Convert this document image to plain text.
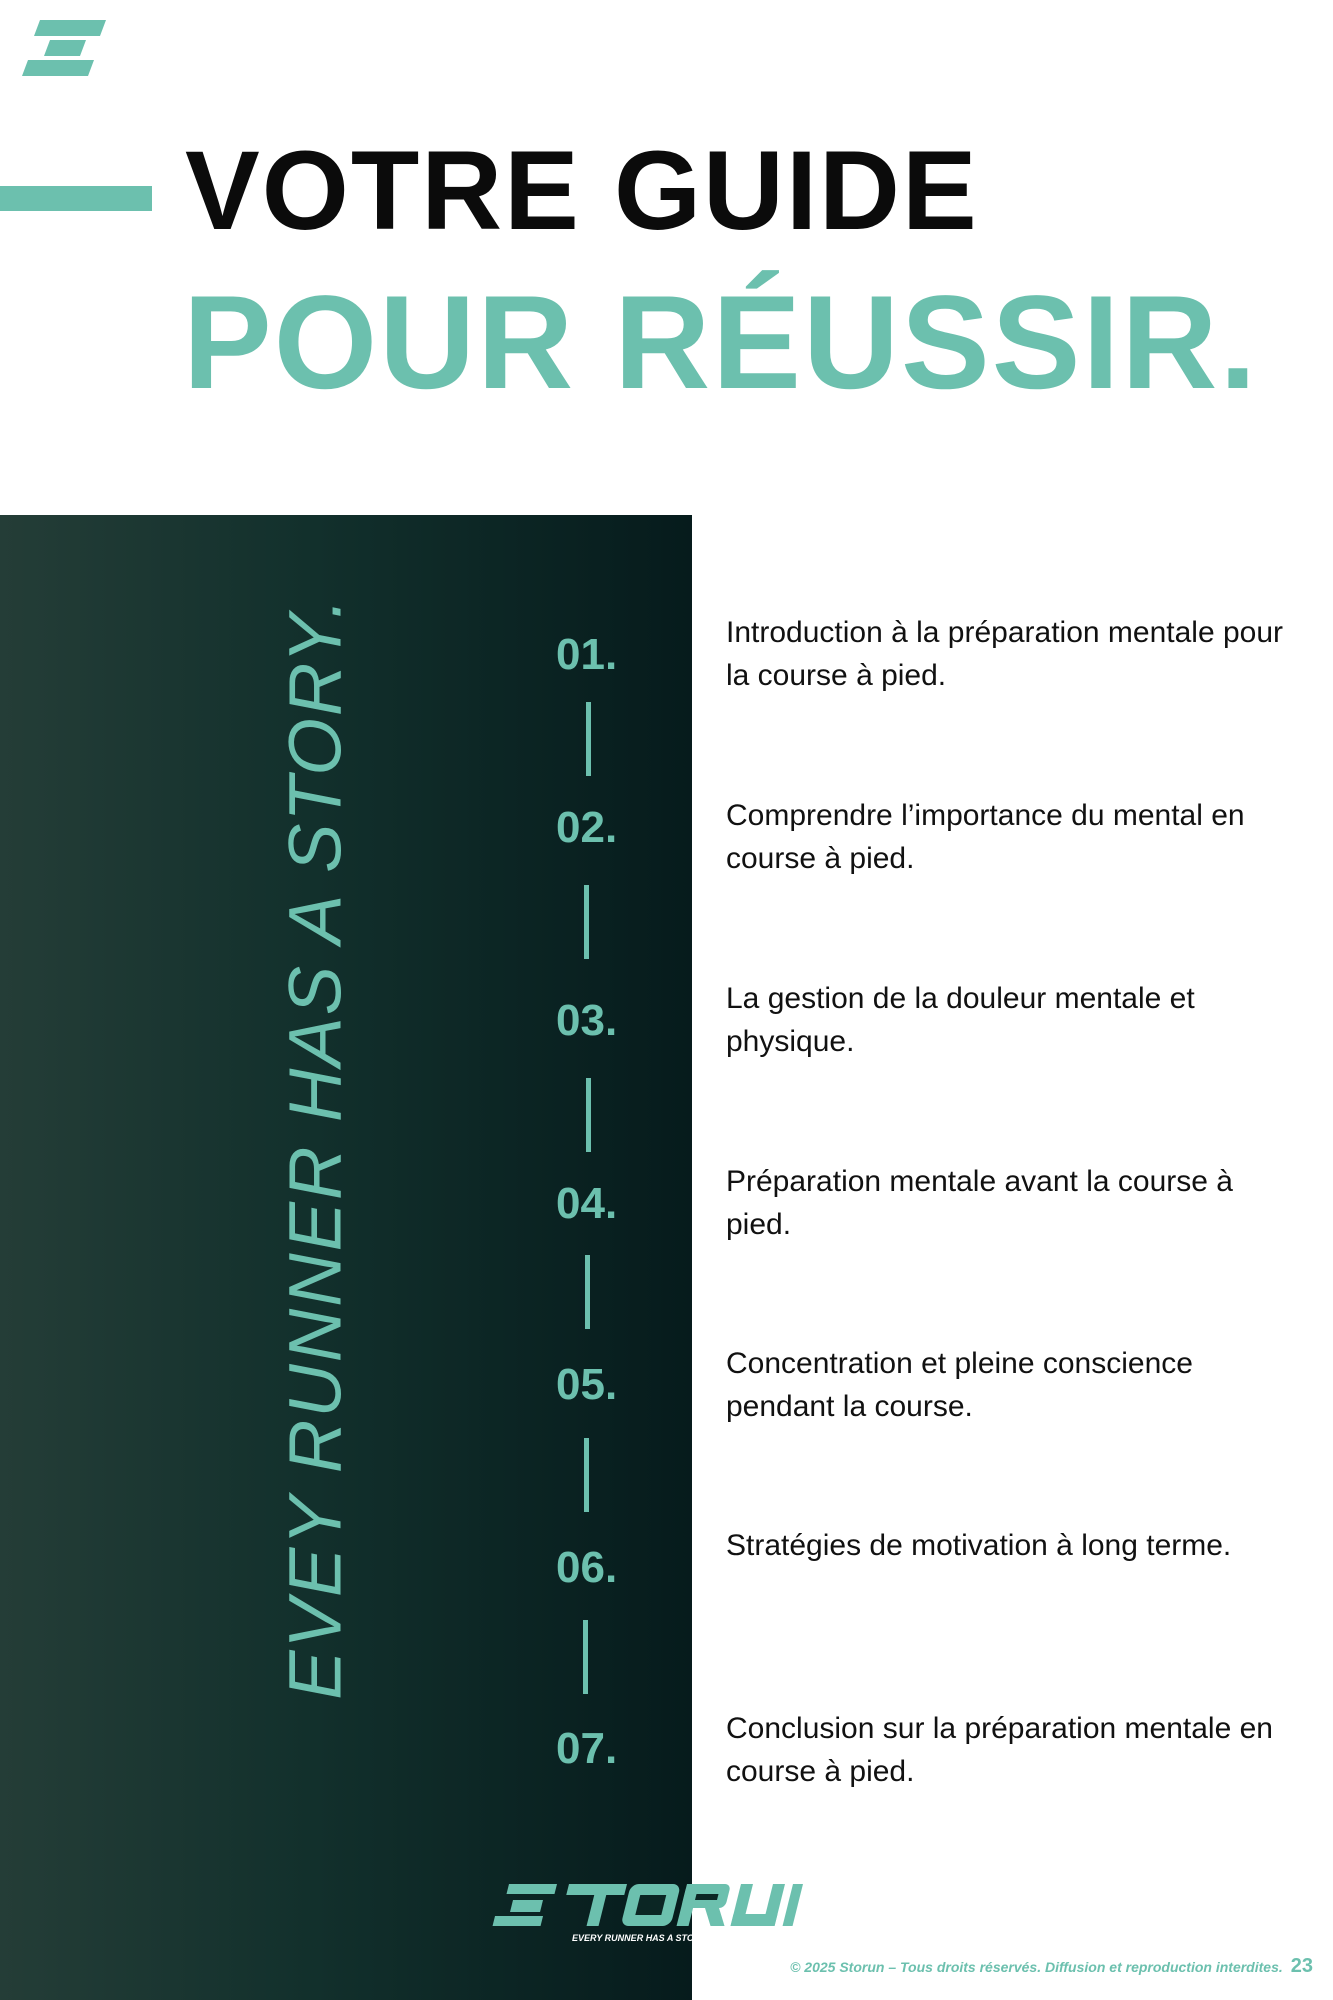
VOTRE GUIDE
POUR RÉUSSIR.
EVEY RUNNER HAS A STORY.	01.
02.
03.
04.
05.
06.
07.

Introduction à la préparation mentale pour la course à pied.

Comprendre l’importance du mental en course à pied.

La gestion de la douleur mentale et physique.

Préparation mentale avant la course à pied.

Concentration et pleine conscience pendant la course.

Stratégies de motivation à long terme.

Conclusion sur la préparation mentale en course à pied.

EVERY RUNNER HAS A STORY
© 2025 Storun – Tous droits réservés. Diffusion et reproduction interdites. 23
